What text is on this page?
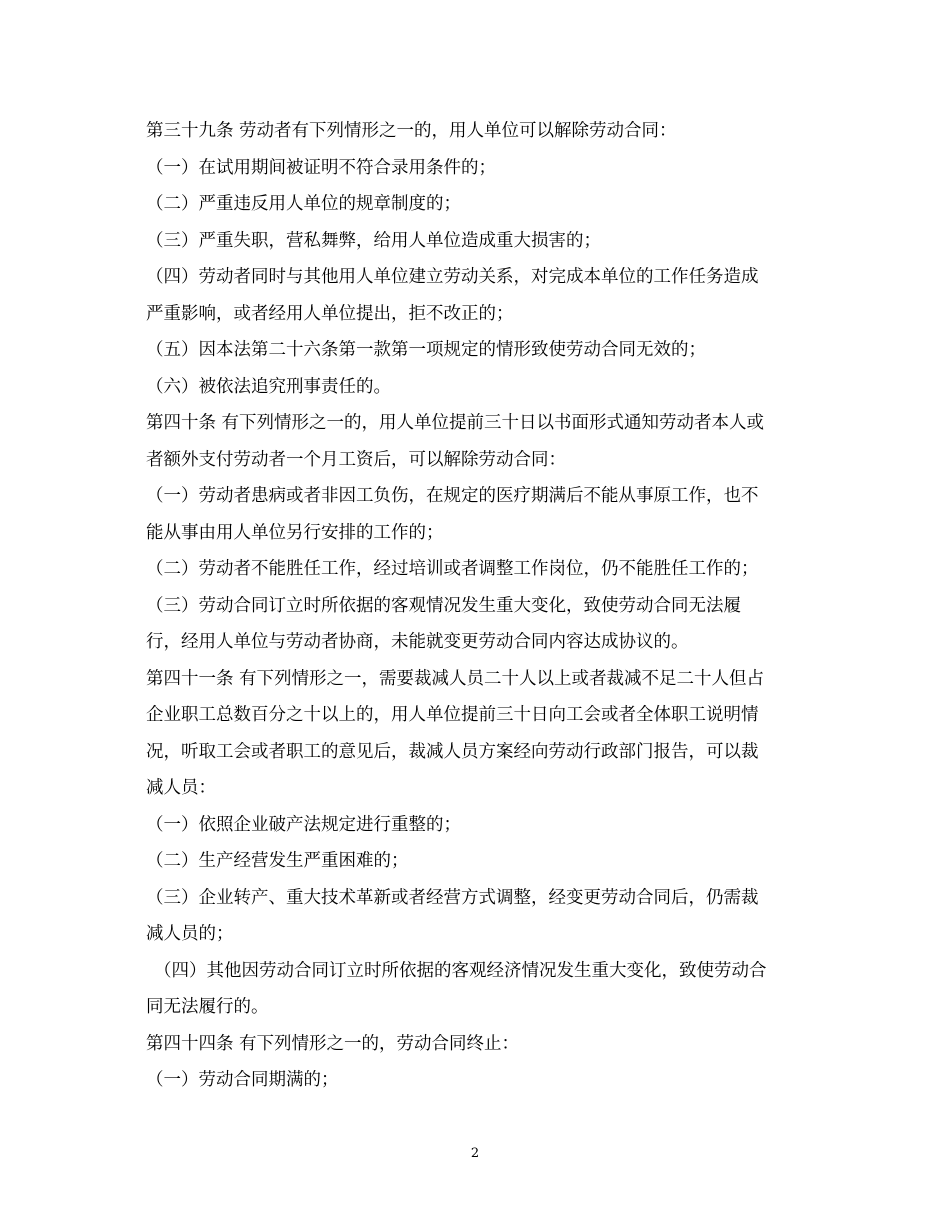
第三十九条 劳动者有下列情形之一的，用人单位可以解除劳动合同：
（一）在试用期间被证明不符合录用条件的；
（二）严重违反用人单位的规章制度的；
（三）严重失职，营私舞弊，给用人单位造成重大损害的；
（四）劳动者同时与其他用人单位建立劳动关系，对完成本单位的工作任务造成
严重影响，或者经用人单位提出，拒不改正的；
（五）因本法第二十六条第一款第一项规定的情形致使劳动合同无效的；
（六）被依法追究刑事责任的。
第四十条 有下列情形之一的，用人单位提前三十日以书面形式通知劳动者本人或
者额外支付劳动者一个月工资后，可以解除劳动合同：
（一）劳动者患病或者非因工负伤，在规定的医疗期满后不能从事原工作，也不
能从事由用人单位另行安排的工作的；
（二）劳动者不能胜任工作，经过培训或者调整工作岗位，仍不能胜任工作的；
（三）劳动合同订立时所依据的客观情况发生重大变化，致使劳动合同无法履
行，经用人单位与劳动者协商，未能就变更劳动合同内容达成协议的。
第四十一条 有下列情形之一，需要裁减人员二十人以上或者裁减不足二十人但占
企业职工总数百分之十以上的，用人单位提前三十日向工会或者全体职工说明情
况，听取工会或者职工的意见后，裁减人员方案经向劳动行政部门报告，可以裁
减人员：
（一）依照企业破产法规定进行重整的；
（二）生产经营发生严重困难的；
（三）企业转产、重大技术革新或者经营方式调整，经变更劳动合同后，仍需裁
减人员的；
（四）其他因劳动合同订立时所依据的客观经济情况发生重大变化，致使劳动合
同无法履行的。
第四十四条 有下列情形之一的，劳动合同终止：
（一）劳动合同期满的；
2
